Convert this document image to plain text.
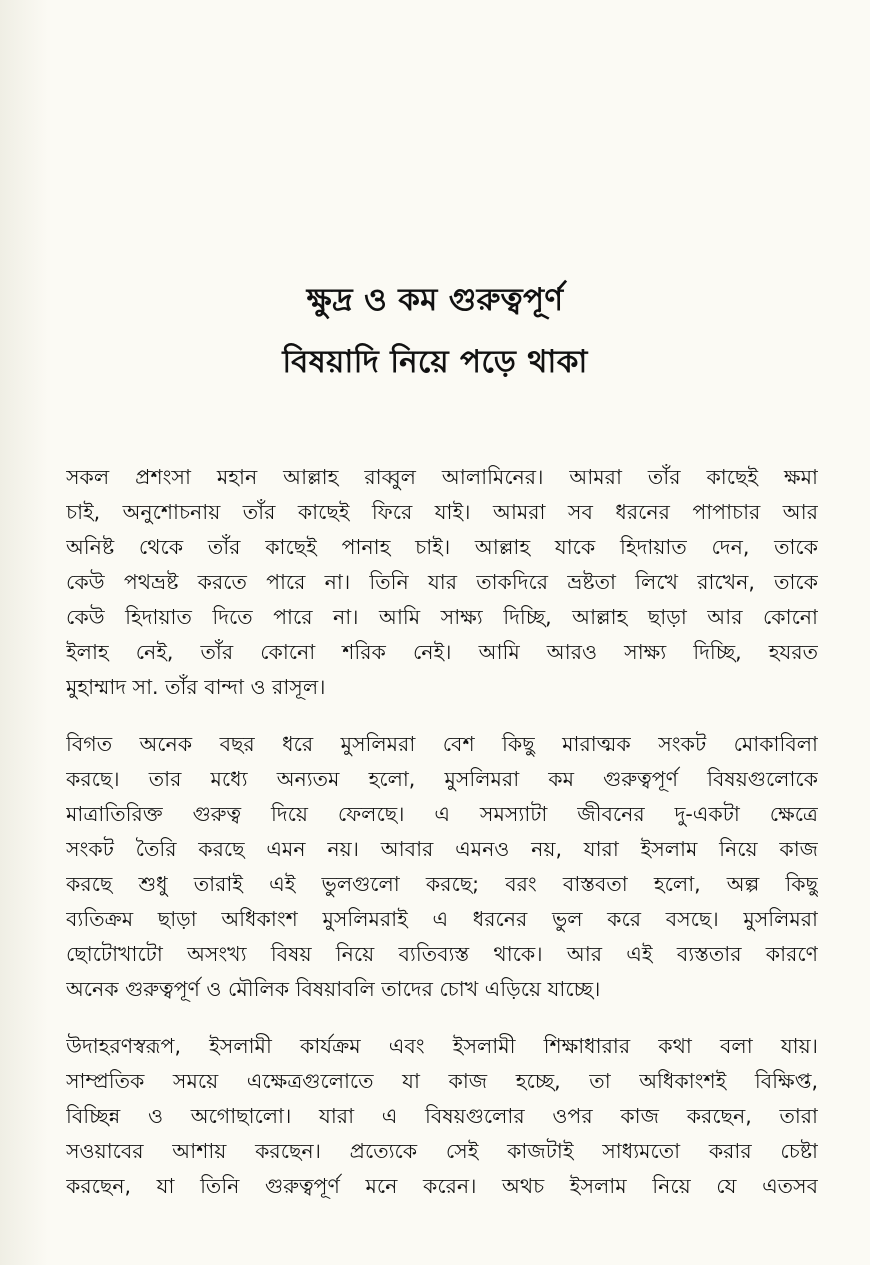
ক্ষুদ্র ও কম গুরুত্বপূর্ণ
বিষয়াদি নিয়ে পড়ে থাকা
সকল প্রশংসা মহান আল্লাহ রাব্বুল আলামিনের। আমরা তাঁর কাছেই ক্ষমা
চাই, অনুশোচনায় তাঁর কাছেই ফিরে যাই। আমরা সব ধরনের পাপাচার আর
অনিষ্ট থেকে তাঁর কাছেই পানাহ চাই। আল্লাহ যাকে হিদায়াত দেন, তাকে
কেউ পথভ্রষ্ট করতে পারে না। তিনি যার তাকদিরে ভ্রষ্টতা লিখে রাখেন, তাকে
কেউ হিদায়াত দিতে পারে না। আমি সাক্ষ্য দিচ্ছি, আল্লাহ ছাড়া আর কোনো
ইলাহ নেই, তাঁর কোনো শরিক নেই। আমি আরও সাক্ষ্য দিচ্ছি, হযরত
মুহাম্মাদ সা. তাঁর বান্দা ও রাসূল।
বিগত অনেক বছর ধরে মুসলিমরা বেশ কিছু মারাত্মক সংকট মোকাবিলা
করছে। তার মধ্যে অন্যতম হলো, মুসলিমরা কম গুরুত্বপূর্ণ বিষয়গুলোকে
মাত্রাতিরিক্ত গুরুত্ব দিয়ে ফেলছে। এ সমস্যাটা জীবনের দু-একটা ক্ষেত্রে
সংকট তৈরি করছে এমন নয়। আবার এমনও নয়, যারা ইসলাম নিয়ে কাজ
করছে শুধু তারাই এই ভুলগুলো করছে; বরং বাস্তবতা হলো, অল্প কিছু
ব্যতিক্রম ছাড়া অধিকাংশ মুসলিমরাই এ ধরনের ভুল করে বসছে। মুসলিমরা
ছোটোখাটো অসংখ্য বিষয় নিয়ে ব্যতিব্যস্ত থাকে। আর এই ব্যস্ততার কারণে
অনেক গুরুত্বপূর্ণ ও মৌলিক বিষয়াবলি তাদের চোখ এড়িয়ে যাচ্ছে।
উদাহরণস্বরূপ, ইসলামী কার্যক্রম এবং ইসলামী শিক্ষাধারার কথা বলা যায়।
সাম্প্রতিক সময়ে এক্ষেত্রগুলোতে যা কাজ হচ্ছে, তা অধিকাংশই বিক্ষিপ্ত,
বিচ্ছিন্ন ও অগোছালো। যারা এ বিষয়গুলোর ওপর কাজ করছেন, তারা
সওয়াবের আশায় করছেন। প্রত্যেকে সেই কাজটাই সাধ্যমতো করার চেষ্টা
করছেন, যা তিনি গুরুত্বপূর্ণ মনে করেন। অথচ ইসলাম নিয়ে যে এতসব
